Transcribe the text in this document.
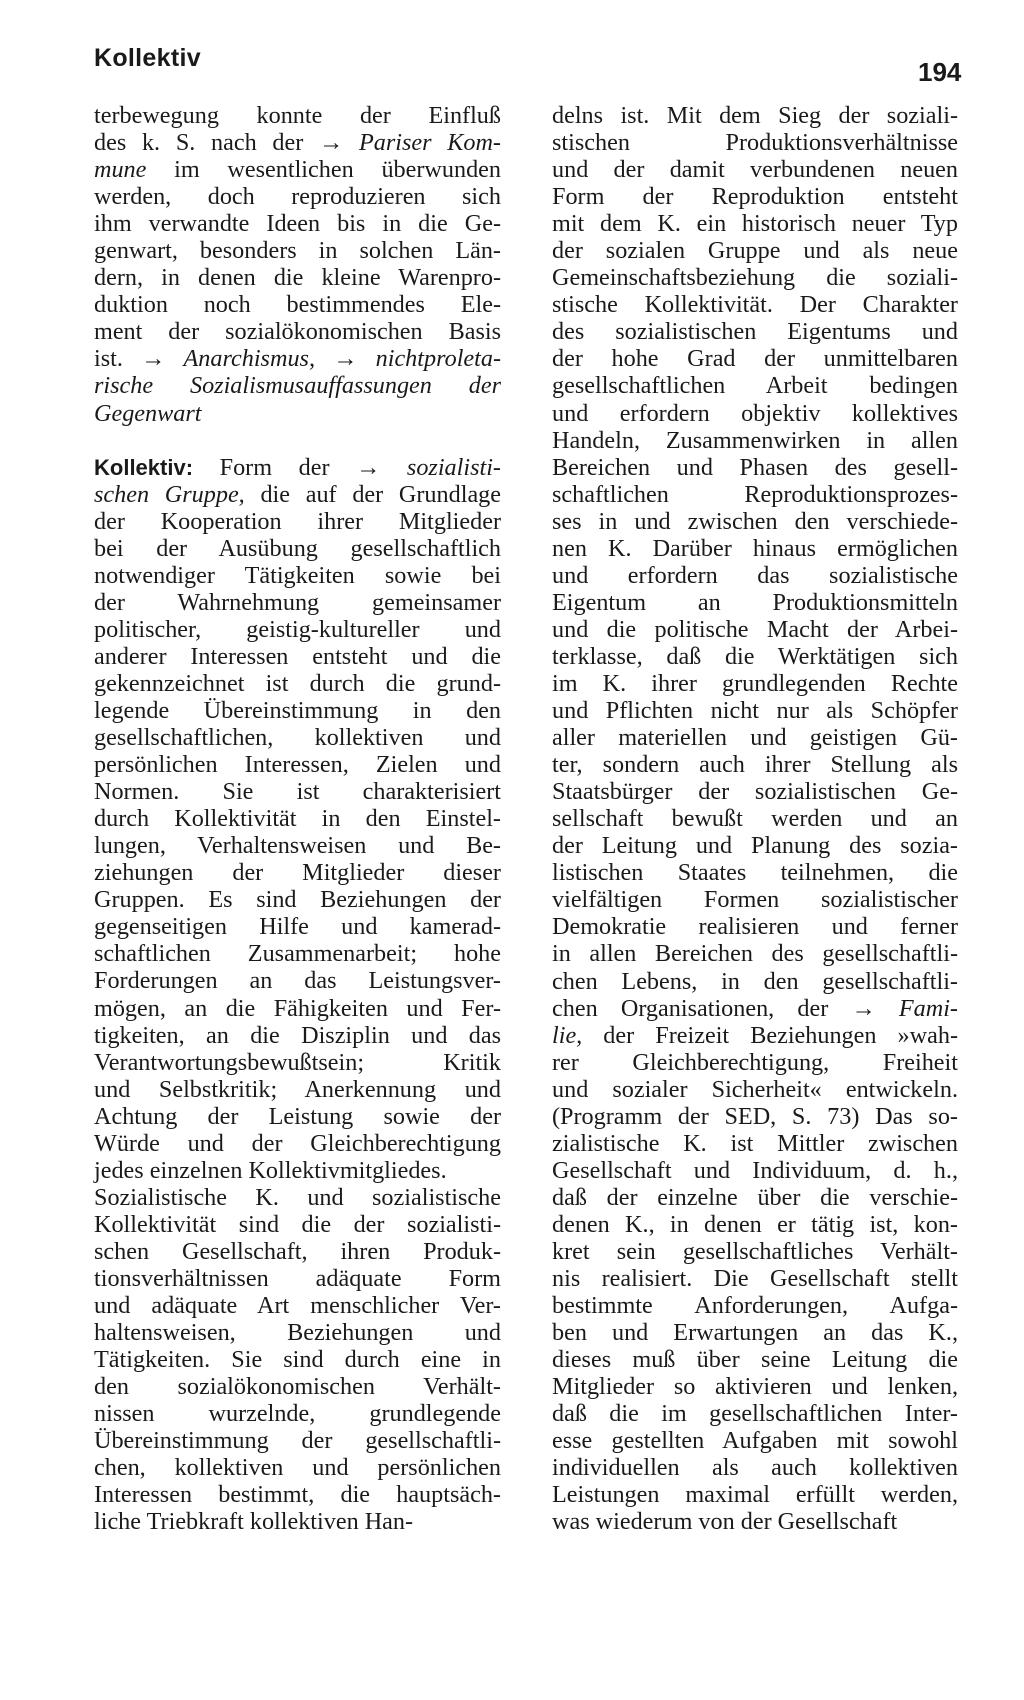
Kollektiv	194
terbewegung konnte der Einfluß
des k. S. nach der → Pariser Kom-
mune im wesentlichen überwunden
werden, doch reproduzieren sich
ihm verwandte Ideen bis in die Ge-
genwart, besonders in solchen Län-
dern, in denen die kleine Warenpro-
duktion noch bestimmendes Ele-
ment der sozialökonomischen Basis
ist. → Anarchismus, → nichtproleta-
rische Sozialismusauffassungen der
Gegenwart
Kollektiv: Form der → sozialisti-
schen Gruppe, die auf der Grundlage
der Kooperation ihrer Mitglieder
bei der Ausübung gesellschaftlich
notwendiger Tätigkeiten sowie bei
der Wahrnehmung gemeinsamer
politischer, geistig-kultureller und
anderer Interessen entsteht und die
gekennzeichnet ist durch die grund-
legende Übereinstimmung in den
gesellschaftlichen, kollektiven und
persönlichen Interessen, Zielen und
Normen. Sie ist charakterisiert
durch Kollektivität in den Einstel-
lungen, Verhaltensweisen und Be-
ziehungen der Mitglieder dieser
Gruppen. Es sind Beziehungen der
gegenseitigen Hilfe und kamerad-
schaftlichen Zusammenarbeit; hohe
Forderungen an das Leistungsver-
mögen, an die Fähigkeiten und Fer-
tigkeiten, an die Disziplin und das
Verantwortungsbewußtsein; Kritik
und Selbstkritik; Anerkennung und
Achtung der Leistung sowie der
Würde und der Gleichberechtigung
jedes einzelnen Kollektivmitgliedes.
Sozialistische K. und sozialistische
Kollektivität sind die der sozialisti-
schen Gesellschaft, ihren Produk-
tionsverhältnissen adäquate Form
und adäquate Art menschlicher Ver-
haltensweisen, Beziehungen und
Tätigkeiten. Sie sind durch eine in
den sozialökonomischen Verhält-
nissen wurzelnde, grundlegende
Übereinstimmung der gesellschaftli-
chen, kollektiven und persönlichen
Interessen bestimmt, die hauptsäch-
liche Triebkraft kollektiven Han-
delns ist. Mit dem Sieg der soziali-
stischen Produktionsverhältnisse
und der damit verbundenen neuen
Form der Reproduktion entsteht
mit dem K. ein historisch neuer Typ
der sozialen Gruppe und als neue
Gemeinschaftsbeziehung die soziali-
stische Kollektivität. Der Charakter
des sozialistischen Eigentums und
der hohe Grad der unmittelbaren
gesellschaftlichen Arbeit bedingen
und erfordern objektiv kollektives
Handeln, Zusammenwirken in allen
Bereichen und Phasen des gesell-
schaftlichen Reproduktionsprozes-
ses in und zwischen den verschiede-
nen K. Darüber hinaus ermöglichen
und erfordern das sozialistische
Eigentum an Produktionsmitteln
und die politische Macht der Arbei-
terklasse, daß die Werktätigen sich
im K. ihrer grundlegenden Rechte
und Pflichten nicht nur als Schöpfer
aller materiellen und geistigen Gü-
ter, sondern auch ihrer Stellung als
Staatsbürger der sozialistischen Ge-
sellschaft bewußt werden und an
der Leitung und Planung des sozia-
listischen Staates teilnehmen, die
vielfältigen Formen sozialistischer
Demokratie realisieren und ferner
in allen Bereichen des gesellschaftli-
chen Lebens, in den gesellschaftli-
chen Organisationen, der → Fami-
lie, der Freizeit Beziehungen »wah-
rer Gleichberechtigung, Freiheit
und sozialer Sicherheit« entwickeln.
(Programm der SED, S. 73) Das so-
zialistische K. ist Mittler zwischen
Gesellschaft und Individuum, d. h.,
daß der einzelne über die verschie-
denen K., in denen er tätig ist, kon-
kret sein gesellschaftliches Verhält-
nis realisiert. Die Gesellschaft stellt
bestimmte Anforderungen, Aufga-
ben und Erwartungen an das K.,
dieses muß über seine Leitung die
Mitglieder so aktivieren und lenken,
daß die im gesellschaftlichen Inter-
esse gestellten Aufgaben mit sowohl
individuellen als auch kollektiven
Leistungen maximal erfüllt werden,
was wiederum von der Gesellschaft
